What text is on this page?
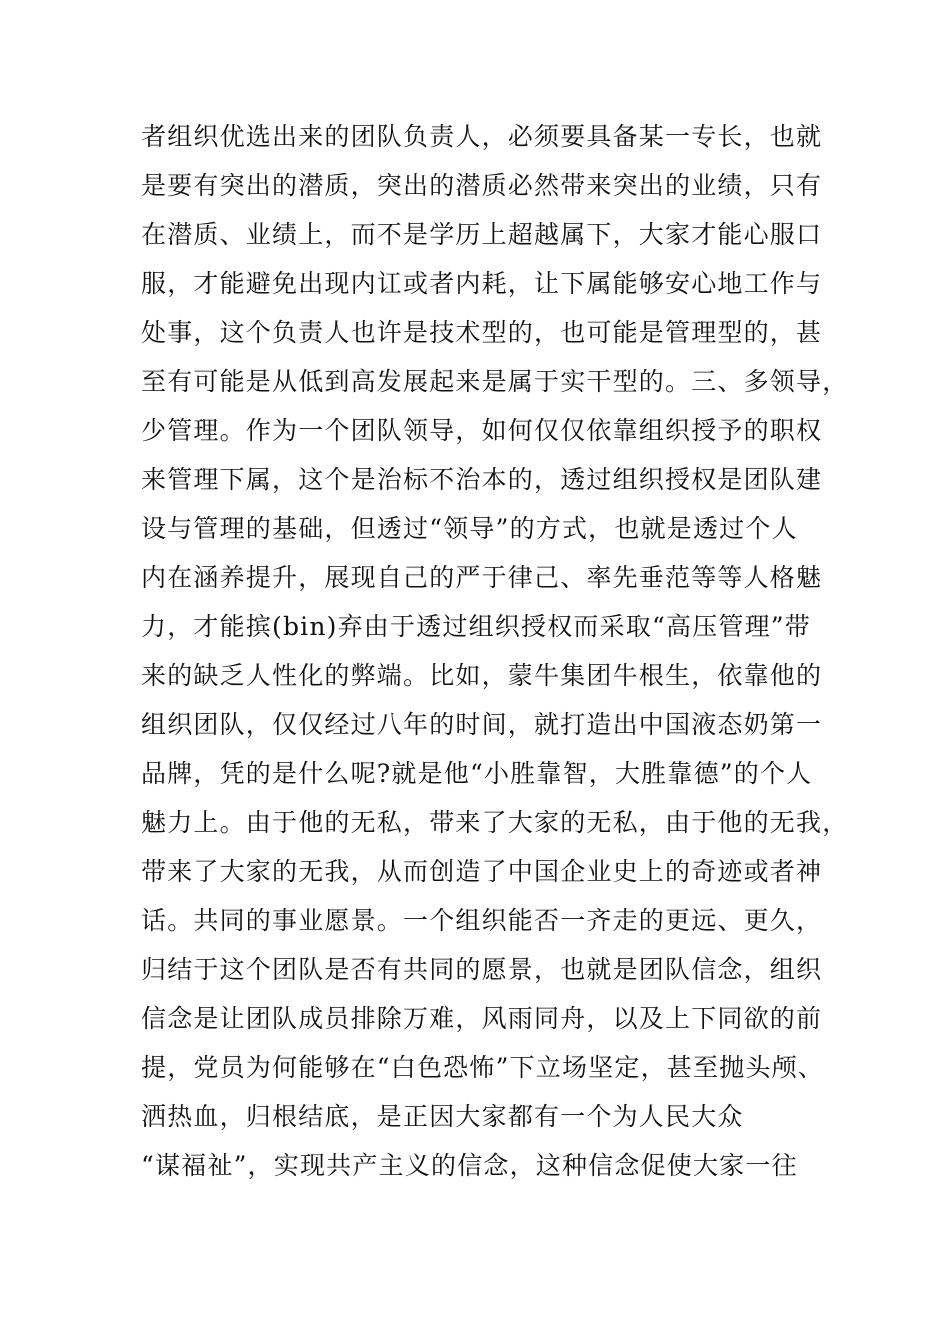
者组织优选出来的团队负责人，必须要具备某一专长，也就
是要有突出的潜质，突出的潜质必然带来突出的业绩，只有
在潜质、业绩上，而不是学历上超越属下，大家才能心服口
服，才能避免出现内讧或者内耗，让下属能够安心地工作与
处事，这个负责人也许是技术型的，也可能是管理型的，甚
至有可能是从低到高发展起来是属于实干型的。三、多领导，
少管理。作为一个团队领导，如何仅仅依靠组织授予的职权
来管理下属，这个是治标不治本的，透过组织授权是团队建
设与管理的基础，但透过“领导”的方式，也就是透过个人
内在涵养提升，展现自己的严于律己、率先垂范等等人格魅
力，才能摈(bin)弃由于透过组织授权而采取“高压管理”带
来的缺乏人性化的弊端。比如，蒙牛集团牛根生，依靠他的
组织团队，仅仅经过八年的时间，就打造出中国液态奶第一
品牌，凭的是什么呢?就是他“小胜靠智，大胜靠德”的个人
魅力上。由于他的无私，带来了大家的无私，由于他的无我，
带来了大家的无我，从而创造了中国企业史上的奇迹或者神
话。共同的事业愿景。一个组织能否一齐走的更远、更久，
归结于这个团队是否有共同的愿景，也就是团队信念，组织
信念是让团队成员排除万难，风雨同舟，以及上下同欲的前
提，党员为何能够在“白色恐怖”下立场坚定，甚至抛头颅、
洒热血，归根结底，是正因大家都有一个为人民大众
“谋福祉”，实现共产主义的信念，这种信念促使大家一往
